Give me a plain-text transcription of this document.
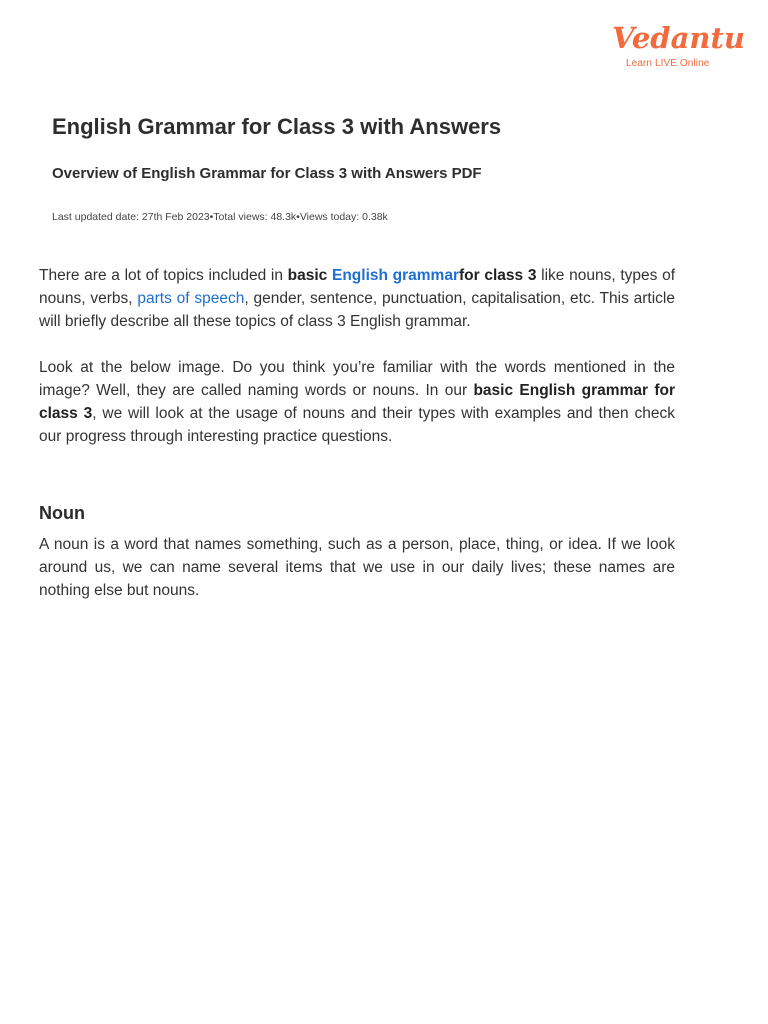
Vedantu
Learn LIVE Online
English Grammar for Class 3 with Answers
Overview of English Grammar for Class 3 with Answers PDF

Last updated date: 27th Feb 2023•Total views: 48.3k•Views today: 0.38k

There are a lot of topics included in basic English grammarfor class 3 like nouns, types of nouns, verbs, parts of speech, gender, sentence, punctuation, capitalisation, etc. This article will briefly describe all these topics of class 3 English grammar.

Look at the below image. Do you think you’re familiar with the words mentioned in the image? Well, they are called naming words or nouns. In our basic English grammar for class 3, we will look at the usage of nouns and their types with examples and then check our progress through interesting practice questions.

Noun

A noun is a word that names something, such as a person, place, thing, or idea. If we look around us, we can name several items that we use in our daily lives; these names are nothing else but nouns.
